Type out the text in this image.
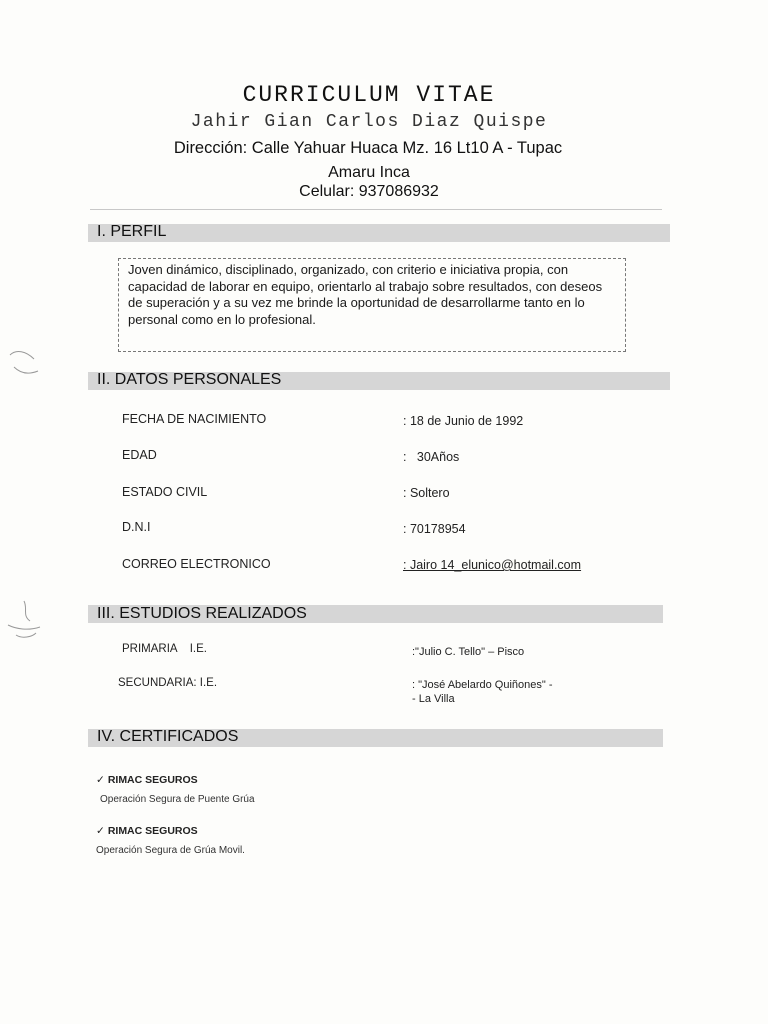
CURRICULUM VITAE
Jahir Gian Carlos Diaz Quispe
Dirección: Calle Yahuar Huaca Mz. 16 Lt10 A - Tupac
Amaru Inca
Celular: 937086932
I. PERFIL
Joven dinámico, disciplinado, organizado, con criterio e iniciativa propia, con capacidad de laborar en equipo, orientarlo al trabajo sobre resultados, con deseos de superación y a su vez me brinde la oportunidad de desarrollarme tanto en lo personal como en lo profesional.
II. DATOS PERSONALES
FECHA DE NACIMIENTO	: 18 de Junio de 1992
EDAD	:   30Años
ESTADO CIVIL	: Soltero
D.N.I	: 70178954
CORREO ELECTRONICO	: Jairo 14_elunico@hotmail.com
III. ESTUDIOS REALIZADOS
PRIMARIA    I.E.	:"Julio C. Tello" – Pisco
SECUNDARIA: I.E.	: "José Abelardo Quiñones" -
- La Villa
IV. CERTIFICADOS
✓ RIMAC SEGUROS
Operación Segura de Puente Grúa
✓ RIMAC SEGUROS
Operación Segura de Grúa Movil.
